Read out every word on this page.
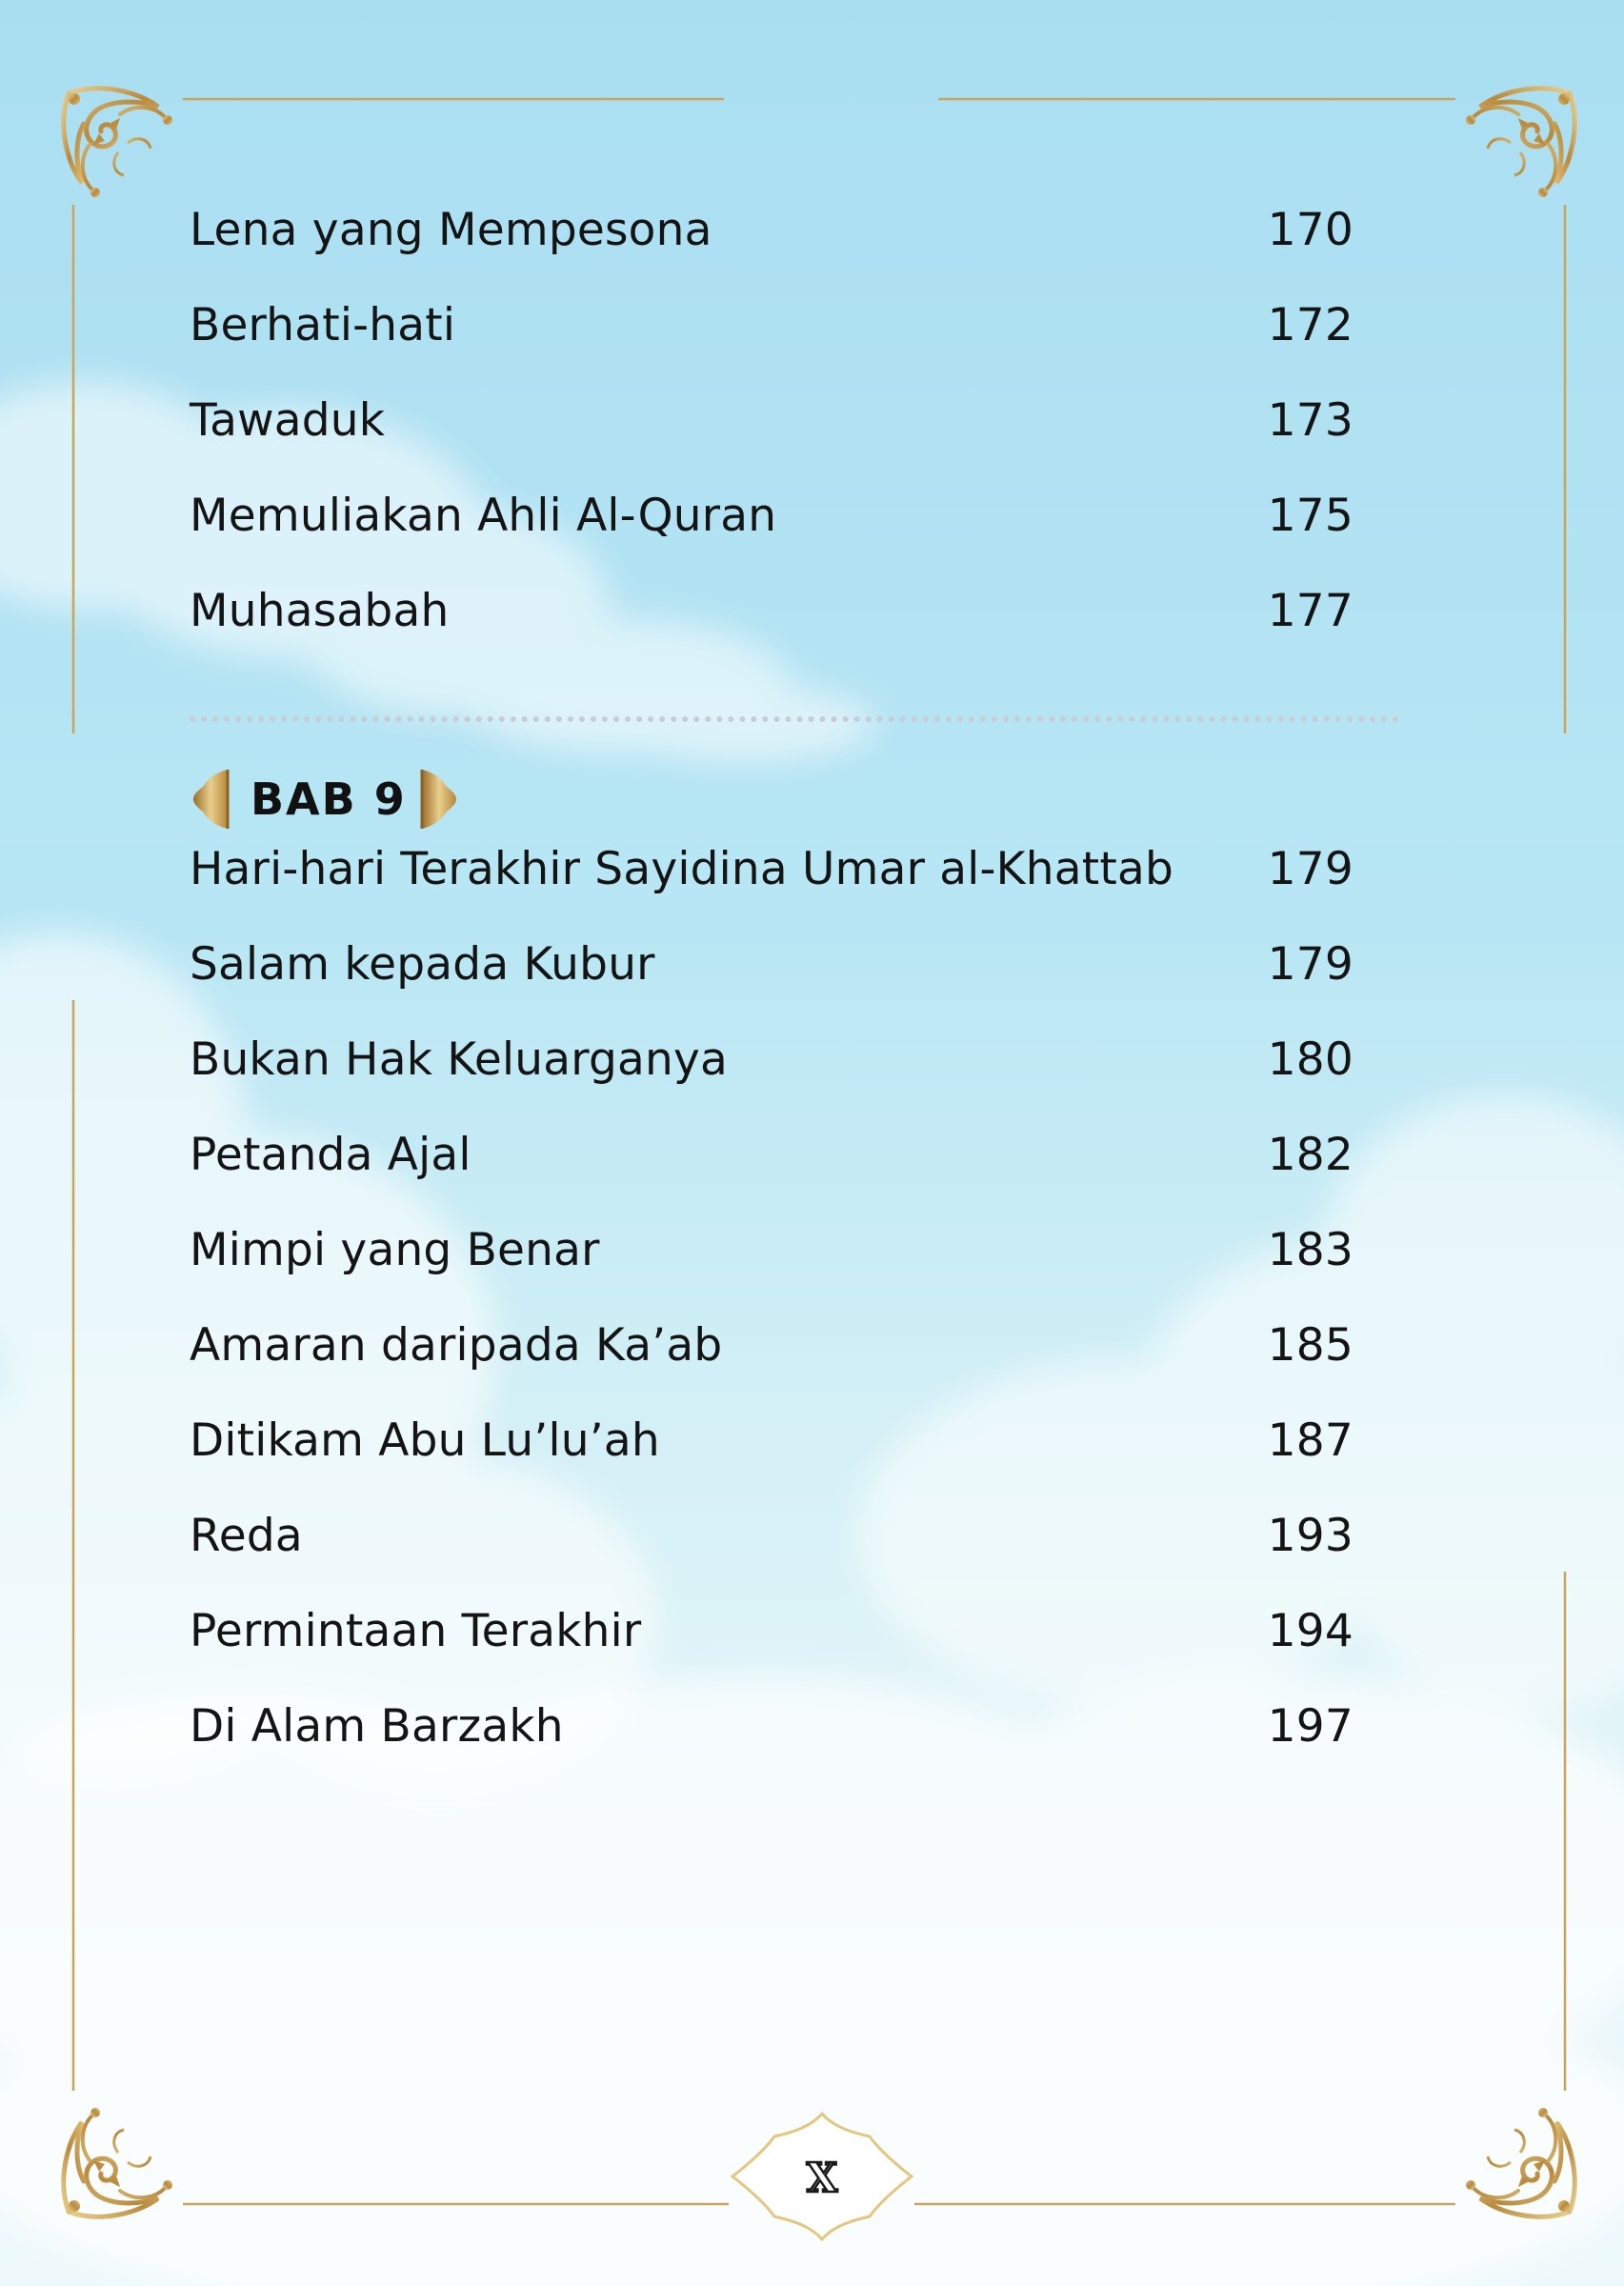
Lena yang Mempesona	170
Berhati-hati	172
Tawaduk	173
Memuliakan Ahli Al-Quran	175
Muhasabah	177
BAB 9
Hari-hari Terakhir Sayidina Umar al-Khattab 179
Salam kepada Kubur	179
Bukan Hak Keluarganya	180
Petanda Ajal	182
Mimpi yang Benar	183
Amaran daripada Ka’ab	185
Ditikam Abu Lu’lu’ah	187
Reda	193
Permintaan Terakhir	194
Di Alam Barzakh	197
X
